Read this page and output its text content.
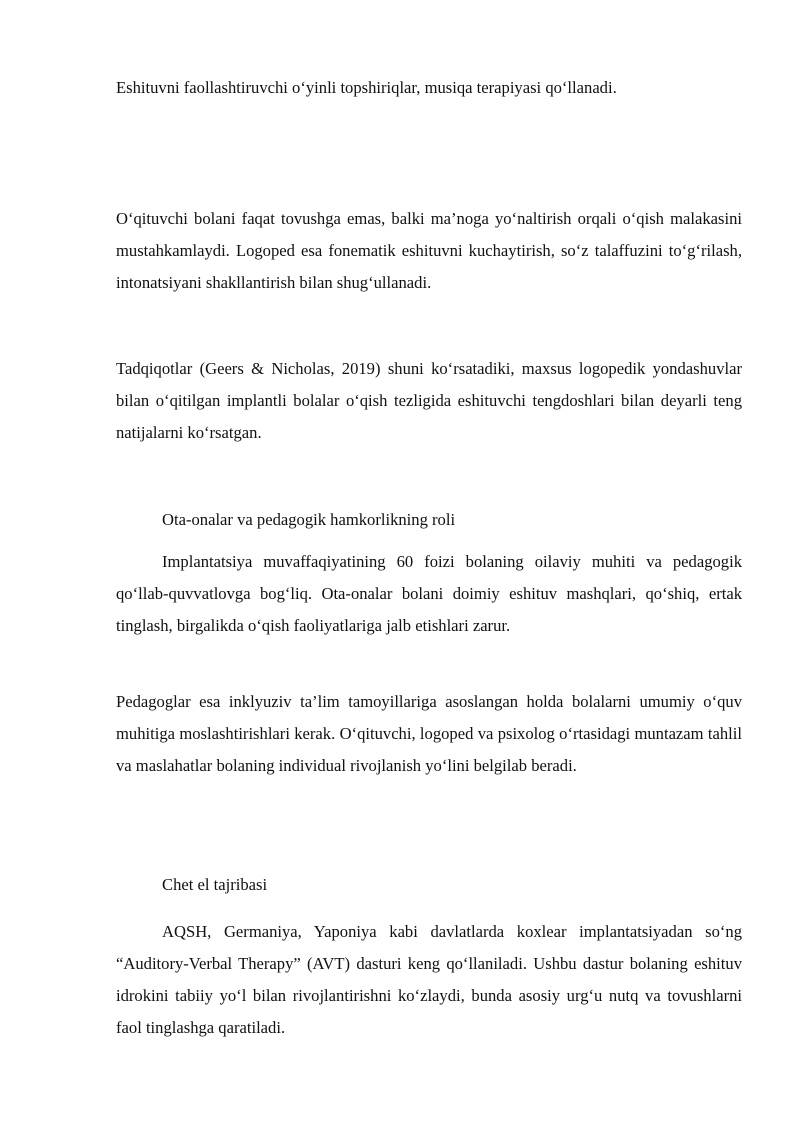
Eshituvni faollashtiruvchi o‘yinli topshiriqlar, musiqa terapiyasi qo‘llanadi.

O‘qituvchi bolani faqat tovushga emas, balki ma’noga yo‘naltirish orqali o‘qish malakasini mustahkamlaydi. Logoped esa fonematik eshituvni kuchaytirish, so‘z talaffuzini to‘g‘rilash, intonatsiyani shakllantirish bilan shug‘ullanadi.

Tadqiqotlar (Geers & Nicholas, 2019) shuni ko‘rsatadiki, maxsus logopedik yondashuvlar bilan o‘qitilgan implantli bolalar o‘qish tezligida eshituvchi tengdoshlari bilan deyarli teng natijalarni ko‘rsatgan.

Ota-onalar va pedagogik hamkorlikning roli

Implantatsiya muvaffaqiyatining 60 foizi bolaning oilaviy muhiti va pedagogik qo‘llab-quvvatlovga bog‘liq. Ota-onalar bolani doimiy eshituv mashqlari, qo‘shiq, ertak tinglash, birgalikda o‘qish faoliyatlariga jalb etishlari zarur.

Pedagoglar esa inklyuziv ta’lim tamoyillariga asoslangan holda bolalarni umumiy o‘quv muhitiga moslashtirishlari kerak. O‘qituvchi, logoped va psixolog o‘rtasidagi muntazam tahlil va maslahatlar bolaning individual rivojlanish yo‘lini belgilab beradi.

Chet el tajribasi

AQSH, Germaniya, Yaponiya kabi davlatlarda koxlear implantatsiyadan so‘ng “Auditory-Verbal Therapy” (AVT) dasturi keng qo‘llaniladi. Ushbu dastur bolaning eshituv idrokini tabiiy yo‘l bilan rivojlantirishni ko‘zlaydi, bunda asosiy urg‘u nutq va tovushlarni faol tinglashga qaratiladi.
